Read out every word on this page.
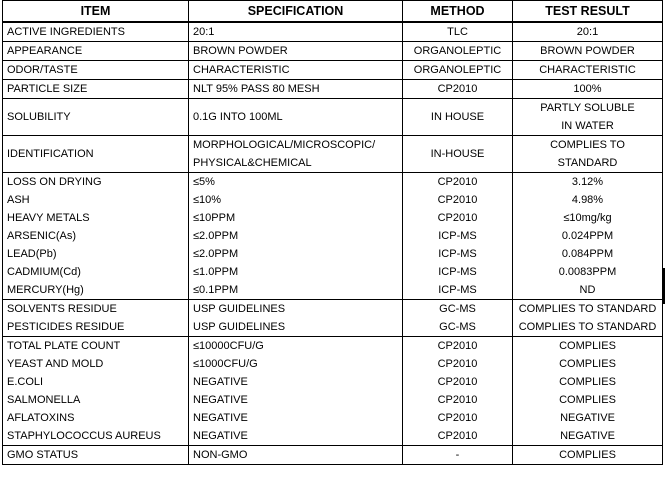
ITEM	SPECIFICATION	METHOD	TEST RESULT
ACTIVE INGREDIENTS	20:1	TLC	20:1

APPEARANCE	BROWN POWDER	ORGANOLEPTIC	BROWN POWDER

ODOR/TASTE	CHARACTERISTIC	ORGANOLEPTIC	CHARACTERISTIC

PARTICLE SIZE	NLT 95% PASS 80 MESH	CP2010	100%

SOLUBILITY	0.1G INTO 100ML	IN HOUSE	PARTLY SOLUBLE
IN WATER

IDENTIFICATION	MORPHOLOGICAL/MICROSCOPIC/
PHYSICAL&CHEMICAL	IN-HOUSE	COMPLIES TO
STANDARD

LOSS ON DRYING	≤5%	CP2010	3.12%

ASH	≤10%	CP2010	4.98%

HEAVY METALS	≤10PPM	CP2010	≤10mg/kg

ARSENIC(As)	≤2.0PPM	ICP-MS	0.024PPM

LEAD(Pb)	≤2.0PPM	ICP-MS	0.084PPM

CADMIUM(Cd)	≤1.0PPM	ICP-MS	0.0083PPM

MERCURY(Hg)	≤0.1PPM	ICP-MS	ND

SOLVENTS RESIDUE	USP GUIDELINES	GC-MS	COMPLIES TO STANDARD

PESTICIDES RESIDUE	USP GUIDELINES	GC-MS	COMPLIES TO STANDARD

TOTAL PLATE COUNT	≤10000CFU/G	CP2010	COMPLIES

YEAST AND MOLD	≤1000CFU/G	CP2010	COMPLIES

E.COLI	NEGATIVE	CP2010	COMPLIES

SALMONELLA	NEGATIVE	CP2010	COMPLIES

AFLATOXINS	NEGATIVE	CP2010	NEGATIVE

STAPHYLOCOCCUS AUREUS	NEGATIVE	CP2010	NEGATIVE

GMO STATUS	NON-GMO	-	COMPLIES
